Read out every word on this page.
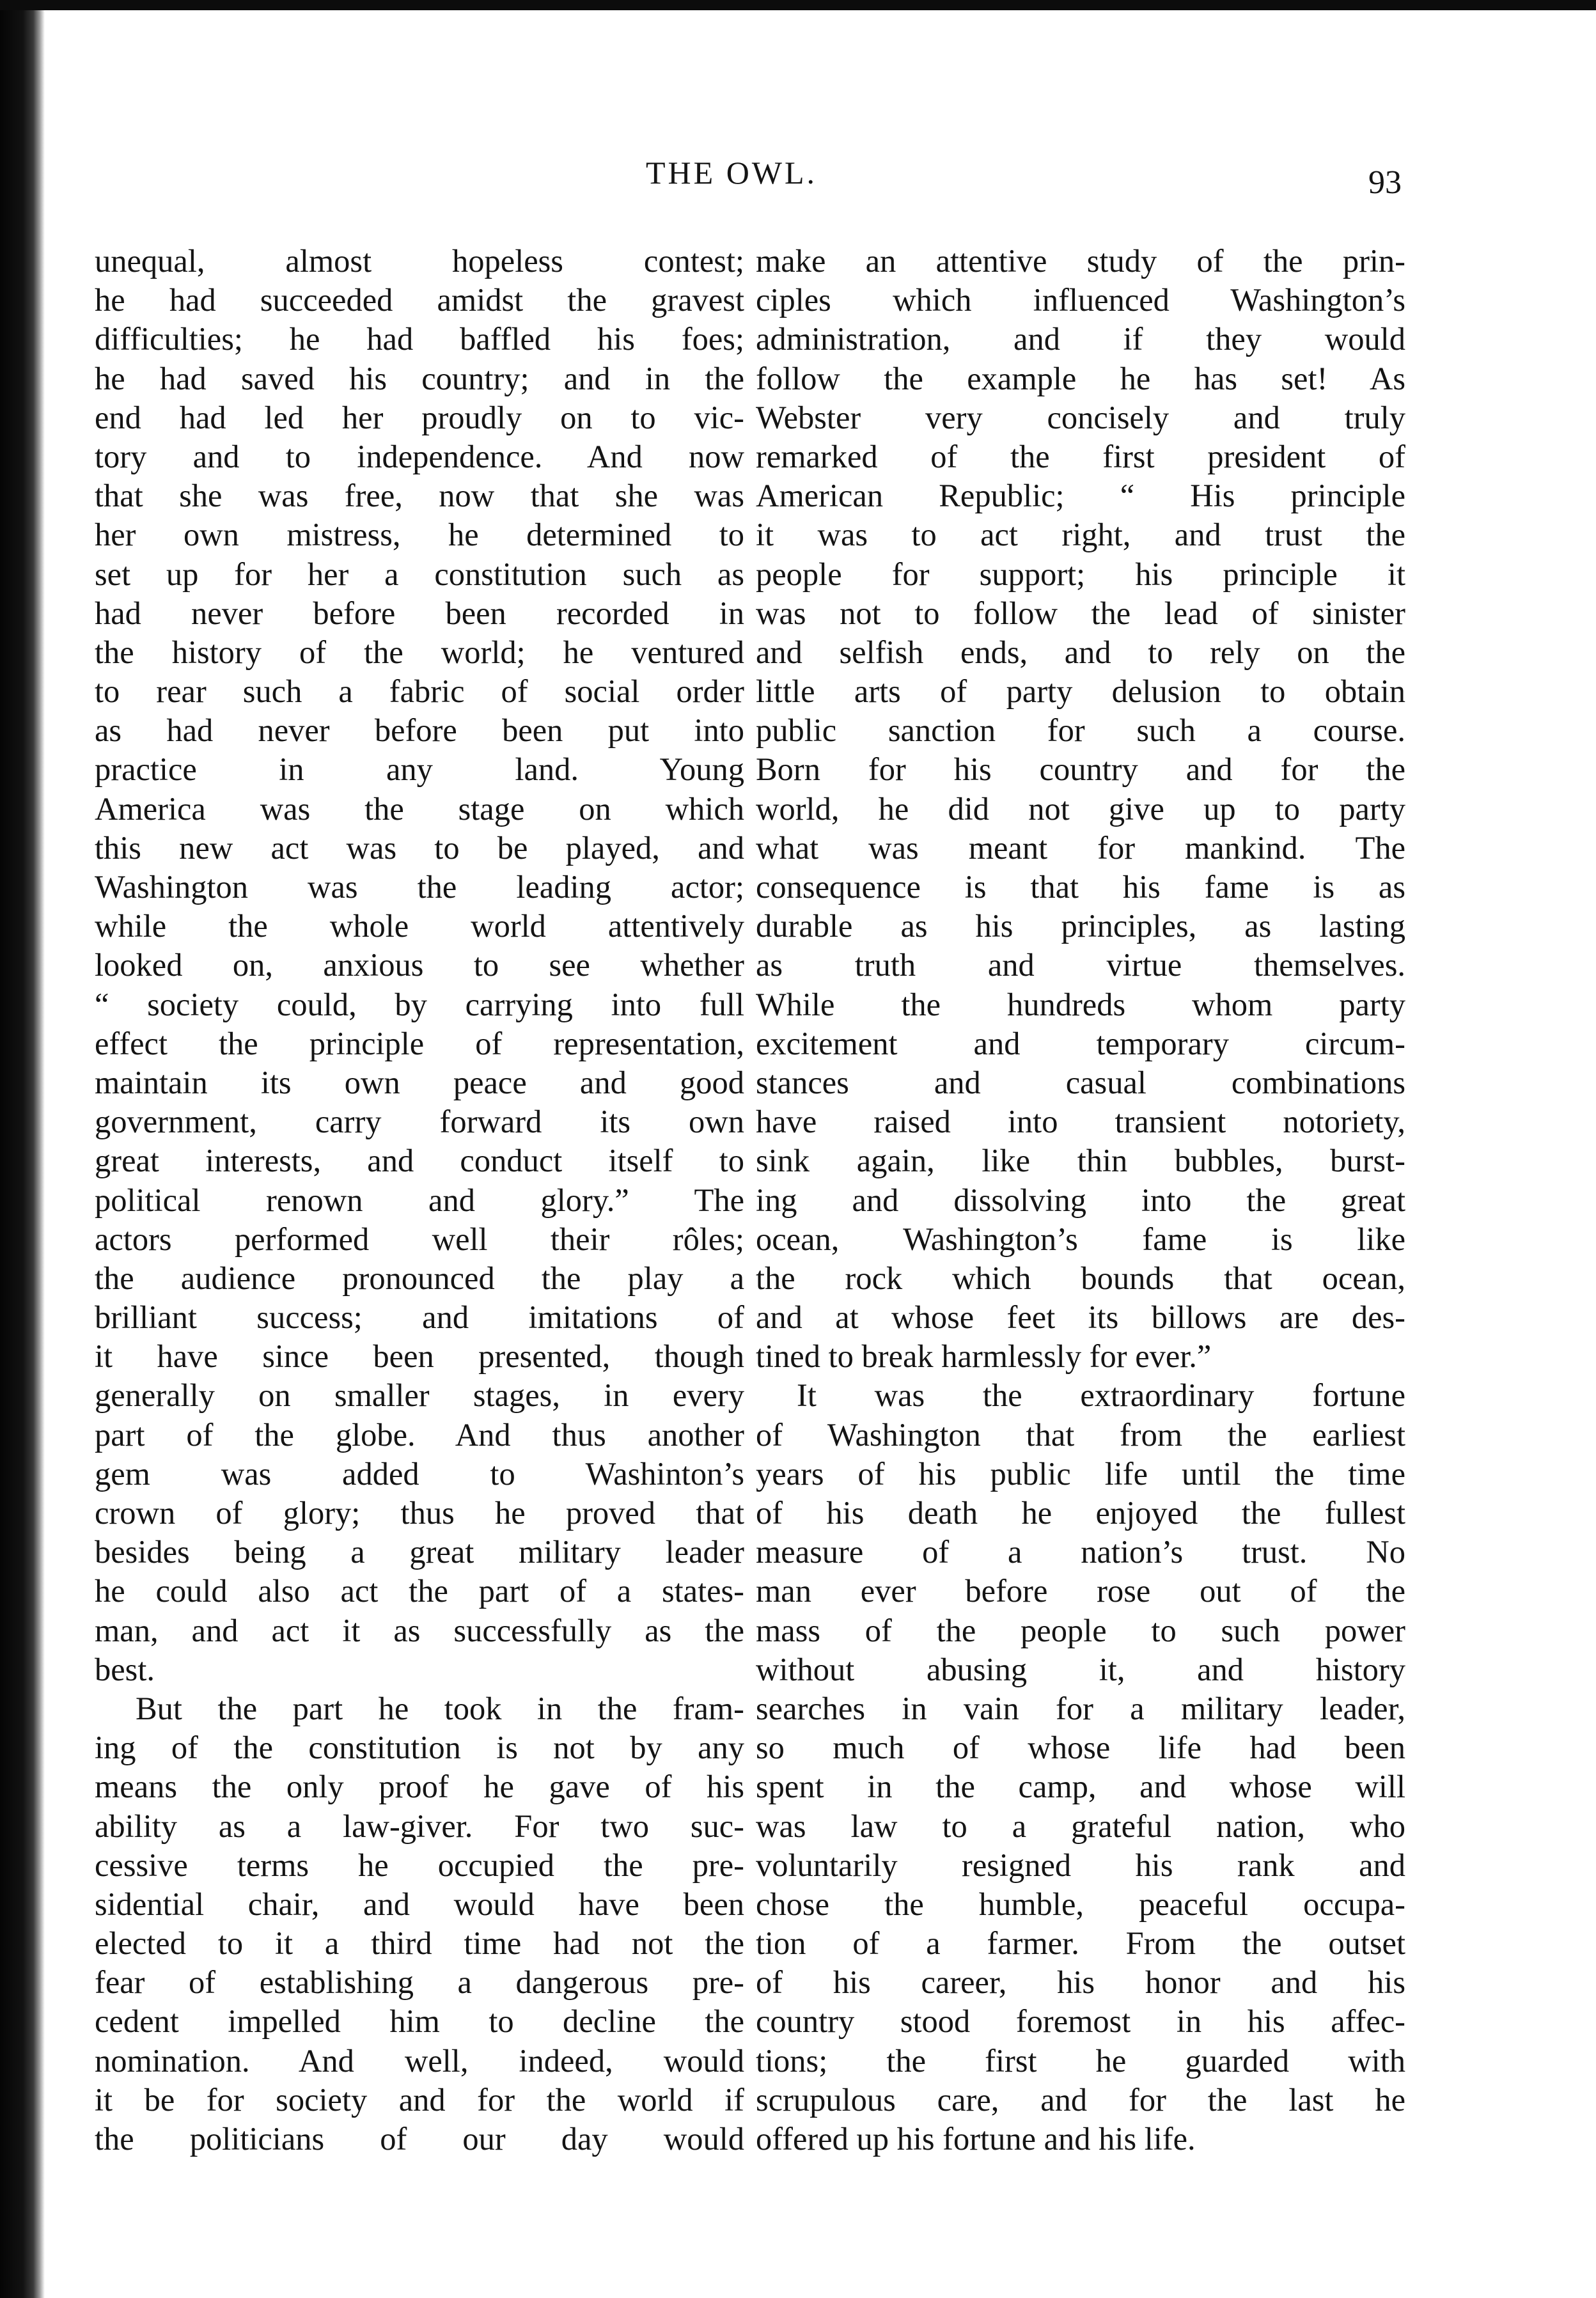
THE OWL.	93
unequal, almost hopeless contest;
he had succeeded amidst the gravest
difficulties; he had baffled his foes;
he had saved his country; and in the
end had led her proudly on to vic-
tory and to independence. And now
that she was free, now that she was
her own mistress, he determined to
set up for her a constitution such as
had never before been recorded in
the history of the world; he ventured
to rear such a fabric of social order
as had never before been put into
practice in any land. Young
America was the stage on which
this new act was to be played, and
Washington was the leading actor;
while the whole world attentively
looked on, anxious to see whether
“ society could, by carrying into full
effect the principle of representation,
maintain its own peace and good
government, carry forward its own
great interests, and conduct itself to
political renown and glory.” The
actors performed well their rôles;
the audience pronounced the play a
brilliant success; and imitations of
it have since been presented, though
generally on smaller stages, in every
part of the globe. And thus another
gem was added to Washinton’s
crown of glory; thus he proved that
besides being a great military leader
he could also act the part of a states-
man, and act it as successfully as the
best.
But the part he took in the fram-
ing of the constitution is not by any
means the only proof he gave of his
ability as a law-giver. For two suc-
cessive terms he occupied the pre-
sidential chair, and would have been
elected to it a third time had not the
fear of establishing a dangerous pre-
cedent impelled him to decline the
nomination. And well, indeed, would
it be for society and for the world if
the politicians of our day would
make an attentive study of the prin-
ciples which influenced Washington’s
administration, and if they would
follow the example he has set! As
Webster very concisely and truly
remarked of the first president of
American Republic; “ His principle
it was to act right, and trust the
people for support; his principle it
was not to follow the lead of sinister
and selfish ends, and to rely on the
little arts of party delusion to obtain
public sanction for such a course.
Born for his country and for the
world, he did not give up to party
what was meant for mankind. The
consequence is that his fame is as
durable as his principles, as lasting
as truth and virtue themselves.
While the hundreds whom party
excitement and temporary circum-
stances and casual combinations
have raised into transient notoriety,
sink again, like thin bubbles, burst-
ing and dissolving into the great
ocean, Washington’s fame is like
the rock which bounds that ocean,
and at whose feet its billows are des-
tined to break harmlessly for ever.”
It was the extraordinary fortune
of Washington that from the earliest
years of his public life until the time
of his death he enjoyed the fullest
measure of a nation’s trust. No
man ever before rose out of the
mass of the people to such power
without abusing it, and history
searches in vain for a military leader,
so much of whose life had been
spent in the camp, and whose will
was law to a grateful nation, who
voluntarily resigned his rank and
chose the humble, peaceful occupa-
tion of a farmer. From the outset
of his career, his honor and his
country stood foremost in his affec-
tions; the first he guarded with
scrupulous care, and for the last he
offered up his fortune and his life.
